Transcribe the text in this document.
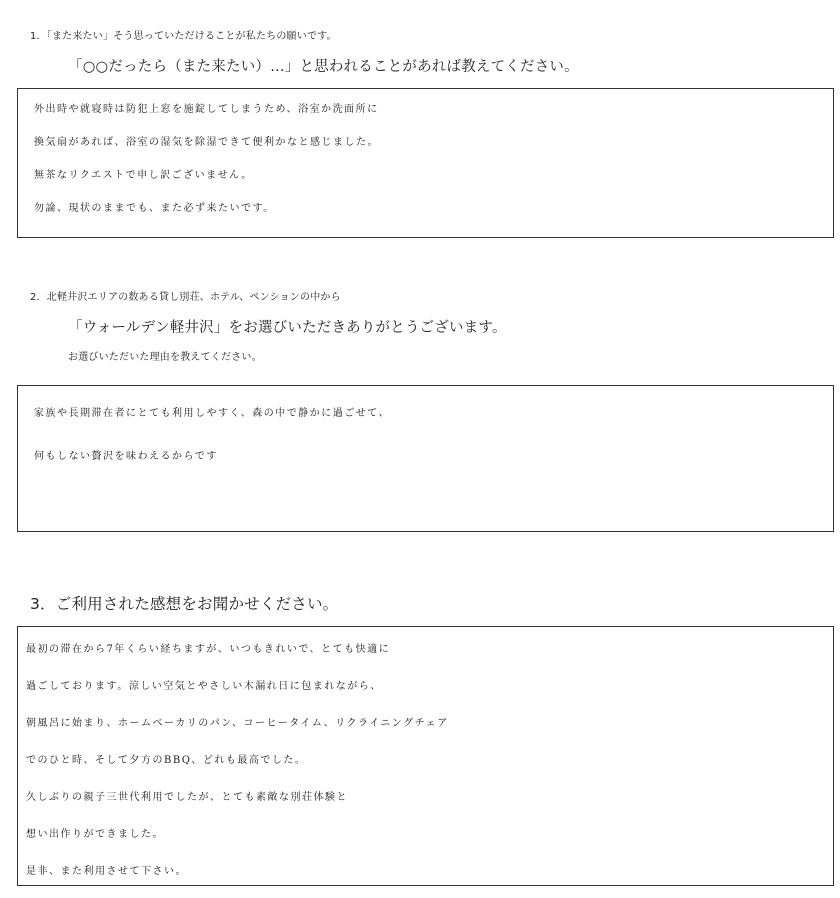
1．「また来たい」そう思っていただけることが私たちの願いです。
「○○だったら（また来たい）…」と思われることがあれば教えてください。
外出時や就寝時は防犯上窓を施錠してしまうため、浴室か洗面所に
換気扇があれば、浴室の湿気を除湿できて便利かなと感じました。
無茶なリクエストで申し訳ございません。
勿論、現状のままでも、また必ず来たいです。
2．北軽井沢エリアの数ある貸し別荘、ホテル、ペンションの中から
「ウォールデン軽井沢」をお選びいただきありがとうございます。
お選びいただいた理由を教えてください。
家族や長期滞在者にとても利用しやすく、森の中で静かに過ごせて、
何もしない贅沢を味わえるからです
3．ご利用された感想をお聞かせください。
最初の滞在から7年くらい経ちますが、いつもきれいで、とても快適に
過ごしております。涼しい空気とやさしい木漏れ日に包まれながら、
朝風呂に始まり、ホームベーカリのパン、コーヒータイム、リクライニングチェア
でのひと時、そして夕方のBBQ、どれも最高でした。
久しぶりの親子三世代利用でしたが、とても素敵な別荘体験と
想い出作りができました。
是非、また利用させて下さい。
